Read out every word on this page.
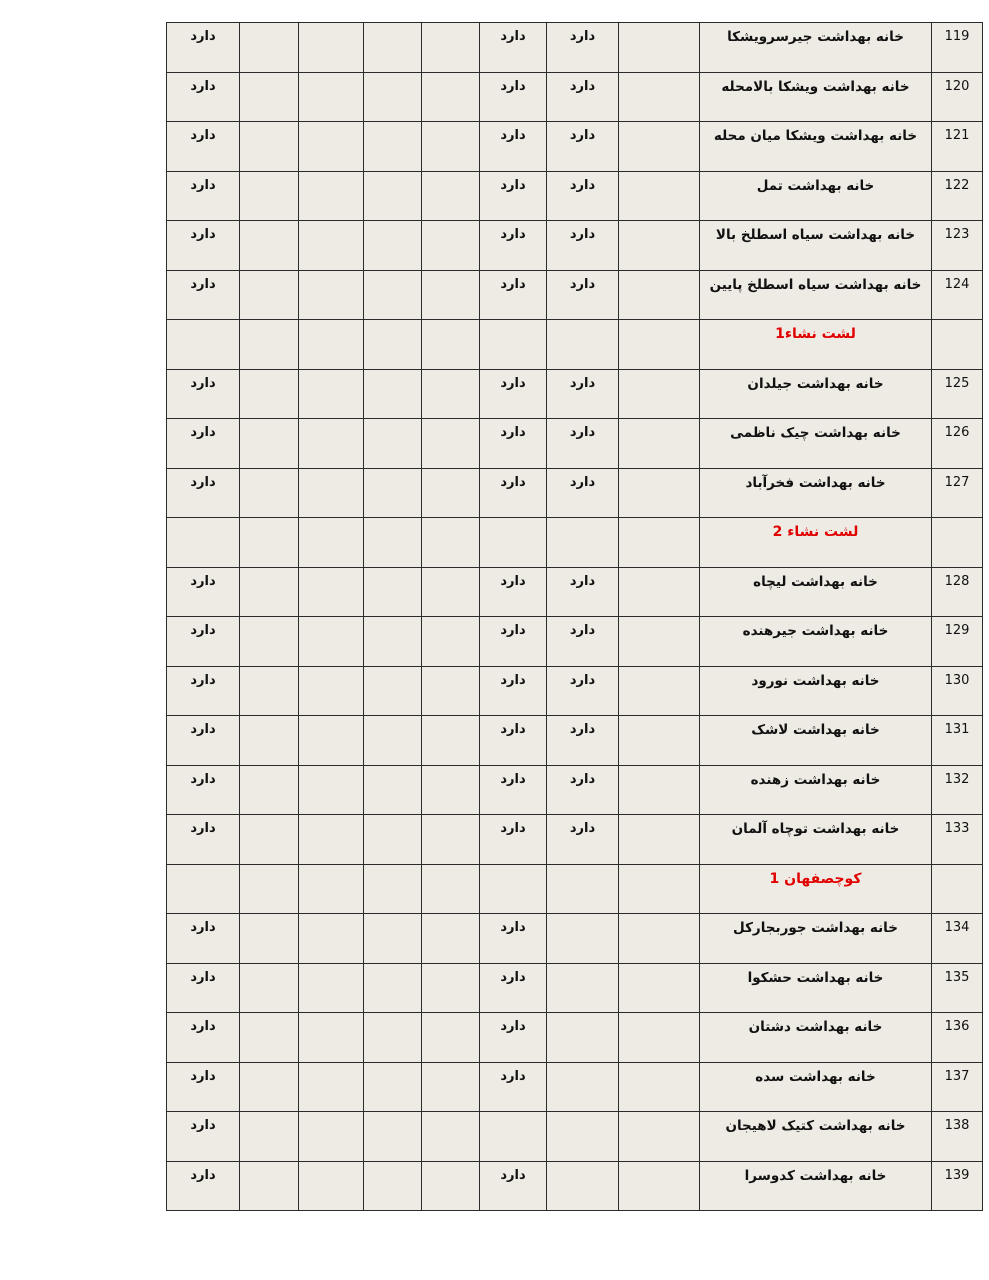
دارد					دارد	دارد		خانه بهداشت جیرسرویشکا	119

دارد					دارد	دارد		خانه بهداشت ویشکا بالامحله	120

دارد					دارد	دارد		خانه بهداشت ویشکا میان محله	121

دارد					دارد	دارد		خانه بهداشت تمل	122

دارد					دارد	دارد		خانه بهداشت سیاه اسطلخ بالا	123

دارد					دارد	دارد		خانه بهداشت سیاه اسطلخ پایین	124

								لشت نشاء1	

دارد					دارد	دارد		خانه بهداشت جیلدان	125

دارد					دارد	دارد		خانه بهداشت چیک ناظمی	126

دارد					دارد	دارد		خانه بهداشت فخرآباد	127

								لشت نشاء 2	

دارد					دارد	دارد		خانه بهداشت لیچاه	128

دارد					دارد	دارد		خانه بهداشت جیرهنده	129

دارد					دارد	دارد		خانه بهداشت نورود	130

دارد					دارد	دارد		خانه بهداشت لاشک	131

دارد					دارد	دارد		خانه بهداشت زهنده	132

دارد					دارد	دارد		خانه بهداشت توچاه آلمان	133

								کوچصفهان 1	

دارد					دارد			خانه بهداشت جوربجارکل	134

دارد					دارد			خانه بهداشت حشکوا	135

دارد					دارد			خانه بهداشت دشتان	136

دارد					دارد			خانه بهداشت سده	137

دارد								خانه بهداشت کتیک لاهیجان	138

دارد					دارد			خانه بهداشت کدوسرا	139
